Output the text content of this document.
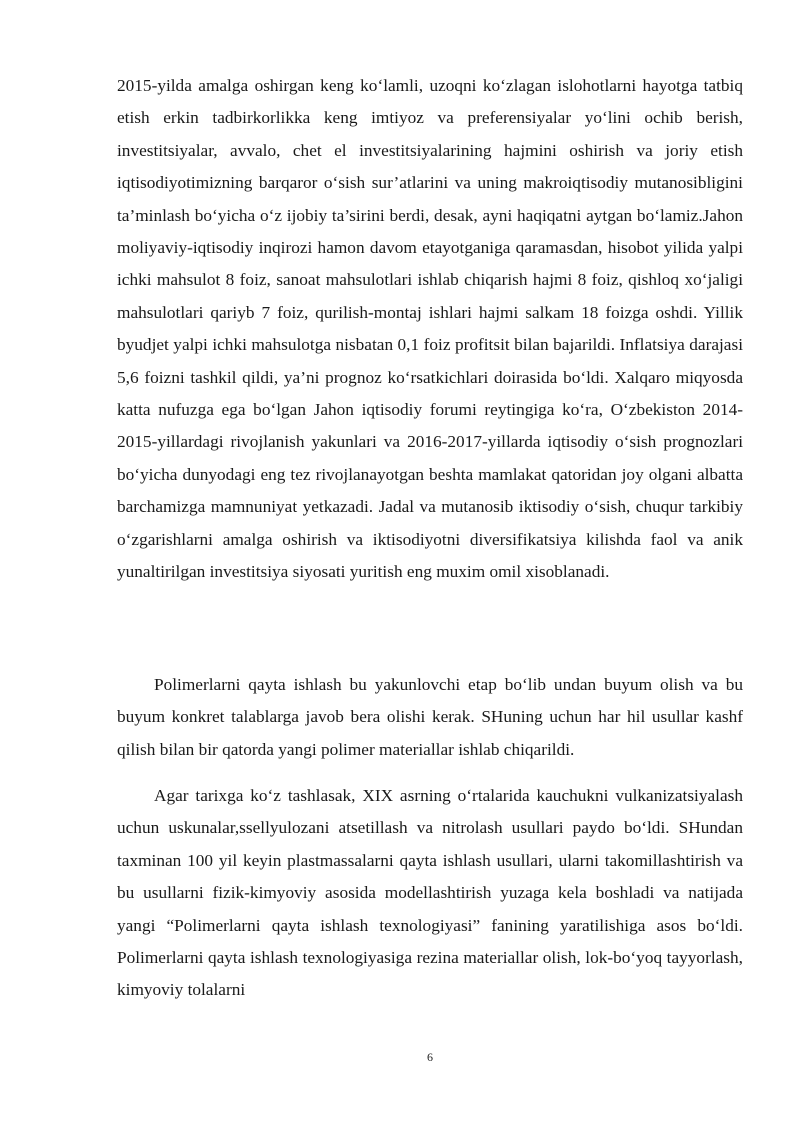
2015-yilda amalga oshirgan keng ko‘lamli, uzoqni ko‘zlagan islohotlarni hayotga tatbiq etish erkin tadbirkorlikka keng imtiyoz va preferensiyalar yo‘lini ochib berish, investitsiyalar, avvalo, chet el investitsiyalarining hajmini oshirish va joriy etish iqtisodiyotimizning barqaror o‘sish sur’atlarini va uning makroiqtisodiy mutanosibligini ta’minlash bo‘yicha o‘z ijobiy ta’sirini berdi, desak, ayni haqiqatni aytgan bo‘lamiz.Jahon moliyaviy-iqtisodiy inqirozi hamon davom etayotganiga qaramasdan, hisobot yilida yalpi ichki mahsulot 8 foiz, sanoat mahsulotlari ishlab chiqarish hajmi 8 foiz, qishloq xo‘jaligi mahsulotlari qariyb 7 foiz, qurilish-montaj ishlari hajmi salkam 18 foizga oshdi. Yillik byudjet yalpi ichki mahsulotga nisbatan 0,1 foiz profitsit bilan bajarildi. Inflatsiya darajasi 5,6 foizni tashkil qildi, ya’ni prognoz ko‘rsatkichlari doirasida bo‘ldi. Xalqaro miqyosda katta nufuzga ega bo‘lgan Jahon iqtisodiy forumi reytingiga ko‘ra, O‘zbekiston 2014-2015-yillardagi rivojlanish yakunlari va 2016-2017-yillarda iqtisodiy o‘sish prognozlari bo‘yicha dunyodagi eng tez rivojlanayotgan beshta mamlakat qatoridan joy olgani albatta barchamizga mamnuniyat yetkazadi. Jadal va mutanosib iktisodiy o‘sish, chuqur tarkibiy o‘zgarishlarni amalga oshirish va iktisodiyotni diversifikatsiya kilishda faol va anik yunaltirilgan investitsiya siyosati yuritish eng muxim omil xisoblanadi.
Polimerlarni qayta ishlash bu yakunlovchi etap bo‘lib undan buyum olish va bu buyum konkret talablarga javob bera olishi kerak. SHuning uchun har hil usullar kashf qilish bilan bir qatorda yangi polimer materiallar ishlab chiqarildi.
Agar tarixga ko‘z tashlasak, XIX asrning o‘rtalarida kauchukni vulkanizatsiyalash uchun uskunalar,ssellyulozani atsetillash va nitrolash usullari paydo bo‘ldi. SHundan taxminan 100 yil keyin plastmassalarni qayta ishlash usullari, ularni takomillashtirish va bu usullarni fizik-kimyoviy asosida modellashtirish yuzaga kela boshladi va natijada yangi “Polimerlarni qayta ishlash texnologiyasi” fanining yaratilishiga asos bo‘ldi. Polimerlarni qayta ishlash texnologiyasiga rezina materiallar olish, lok-bo‘yoq tayyorlash, kimyoviy tolalarni
6
